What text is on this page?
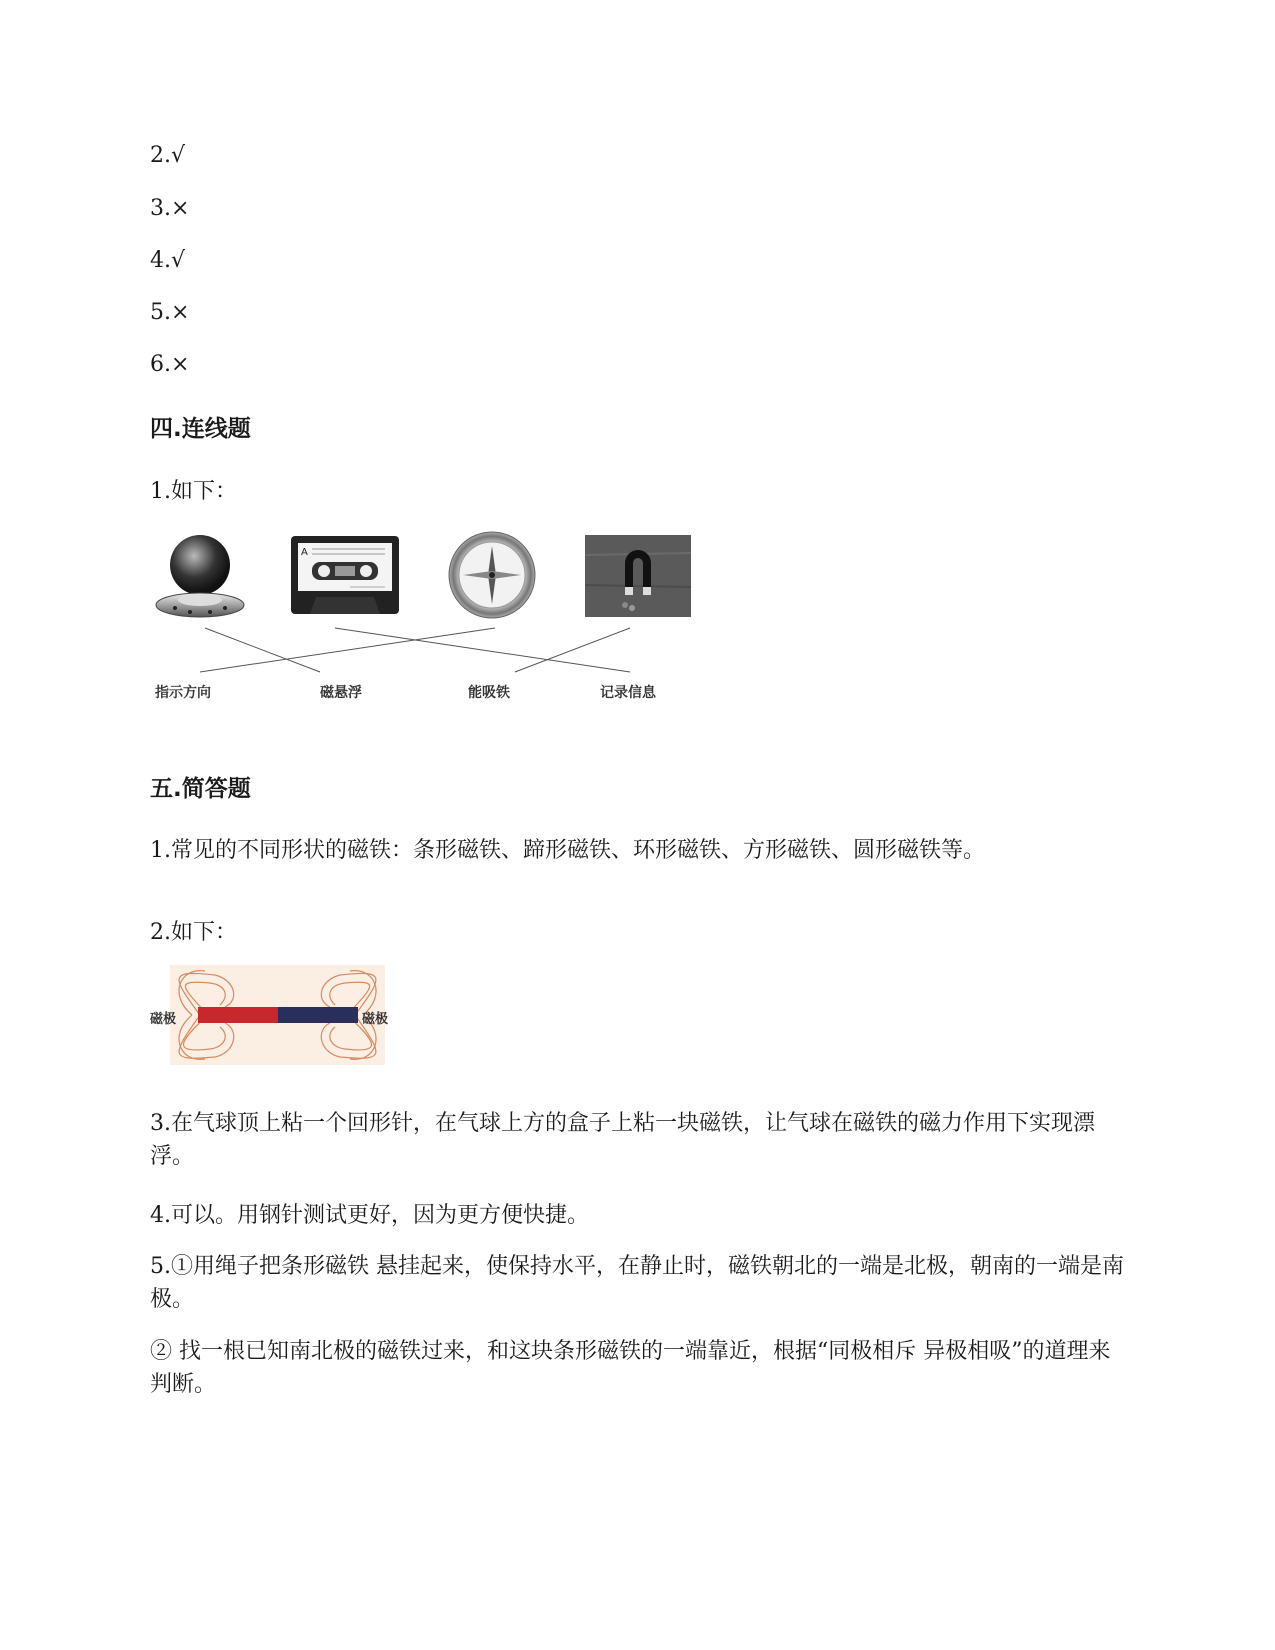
2.√
3.×
4.√
5.×
6.×
四.连线题
1.如下：
A
指示方向	磁悬浮	能吸铁	记录信息
五.简答题
1.常见的不同形状的磁铁：条形磁铁、蹄形磁铁、环形磁铁、方形磁铁、圆形磁铁等。
2.如下：
磁极	磁极
3.在气球顶上粘一个回形针，在气球上方的盒子上粘一块磁铁，让气球在磁铁的磁力作用下实现漂浮。
4.可以。用钢针测试更好，因为更方便快捷。
5.①用绳子把条形磁铁 悬挂起来，使保持水平，在静止时，磁铁朝北的一端是北极，朝南的一端是南极。
② 找一根已知南北极的磁铁过来，和这块条形磁铁的一端靠近，根据“同极相斥 异极相吸”的道理来判断。
